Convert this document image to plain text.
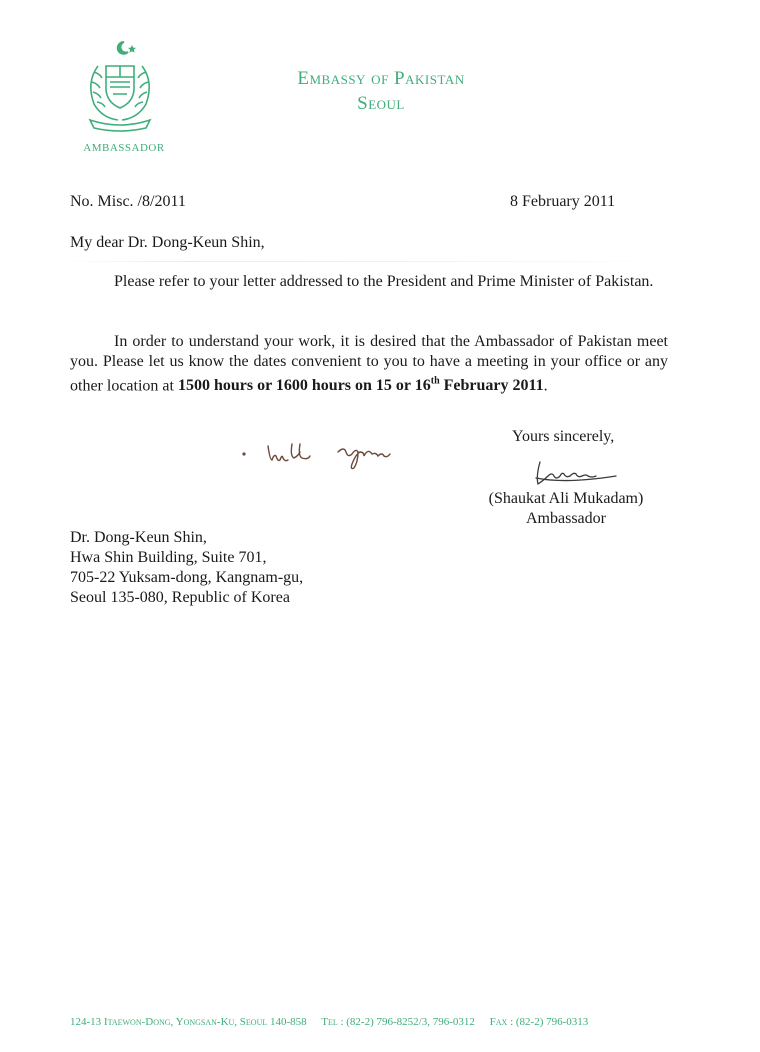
AMBASSADOR
Embassy of Pakistan
Seoul
No. Misc. /8/2011	8 February 2011
My dear Dr. Dong-Keun Shin,

Please refer to your letter addressed to the President and Prime Minister of Pakistan.

In order to understand your work, it is desired that the Ambassador of Pakistan meet you. Please let us know the dates convenient to you to have a meeting in your office or any other location at 1500 hours or 1600 hours on 15 or 16th February 2011.

Yours sincerely,
(Shaukat Ali Mukadam)
Ambassador
Dr. Dong-Keun Shin,
Hwa Shin Building, Suite 701,
705-22 Yuksam-dong, Kangnam-gu,
Seoul 135-080, Republic of Korea
124-13 Itaewon-Dong, Yongsan-Ku, Seoul 140-858 Tel : (82-2) 796-8252/3, 796-0312 Fax : (82-2) 796-0313
